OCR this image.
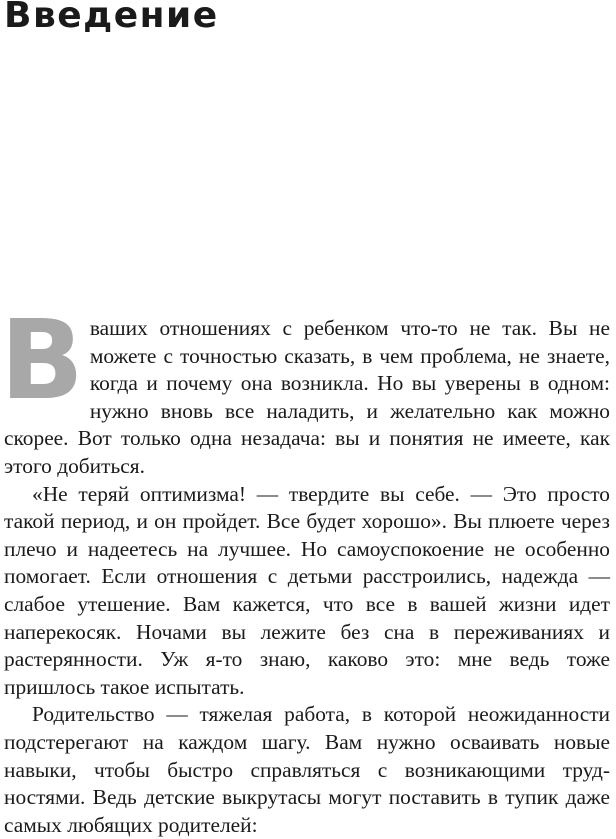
Введение

Вваших отношениях с ребенком что-то не так. Вы не можете с точностью сказать, в чем проблема, не знаете, когда и почему она возникла. Но вы уверены в одном: нужно вновь все наладить, и желательно как можно скорее. Вот только одна незадача: вы и понятия не имеете, как этого добиться.

«Не теряй оптимизма! — твердите вы себе. — Это просто такой период, и он пройдет. Все будет хорошо». Вы плюете через плечо и надеетесь на лучшее. Но самоуспокоение не особенно помогает. Если отношения с детьми расстроились, надежда — слабое утешение. Вам кажется, что все в вашей жизни идет наперекосяк. Ночами вы лежите без сна в переживаниях и растерянности. Уж я-то знаю, каково это: мне ведь тоже пришлось такое испытать.

Родительство — тяжелая работа, в которой неожиданности подстерегают на каждом шагу. Вам нужно осваивать новые навыки, чтобы быстро справляться с возникающими трудностями. Ведь детские выкрутасы могут поставить в тупик даже самых любящих родителей:
